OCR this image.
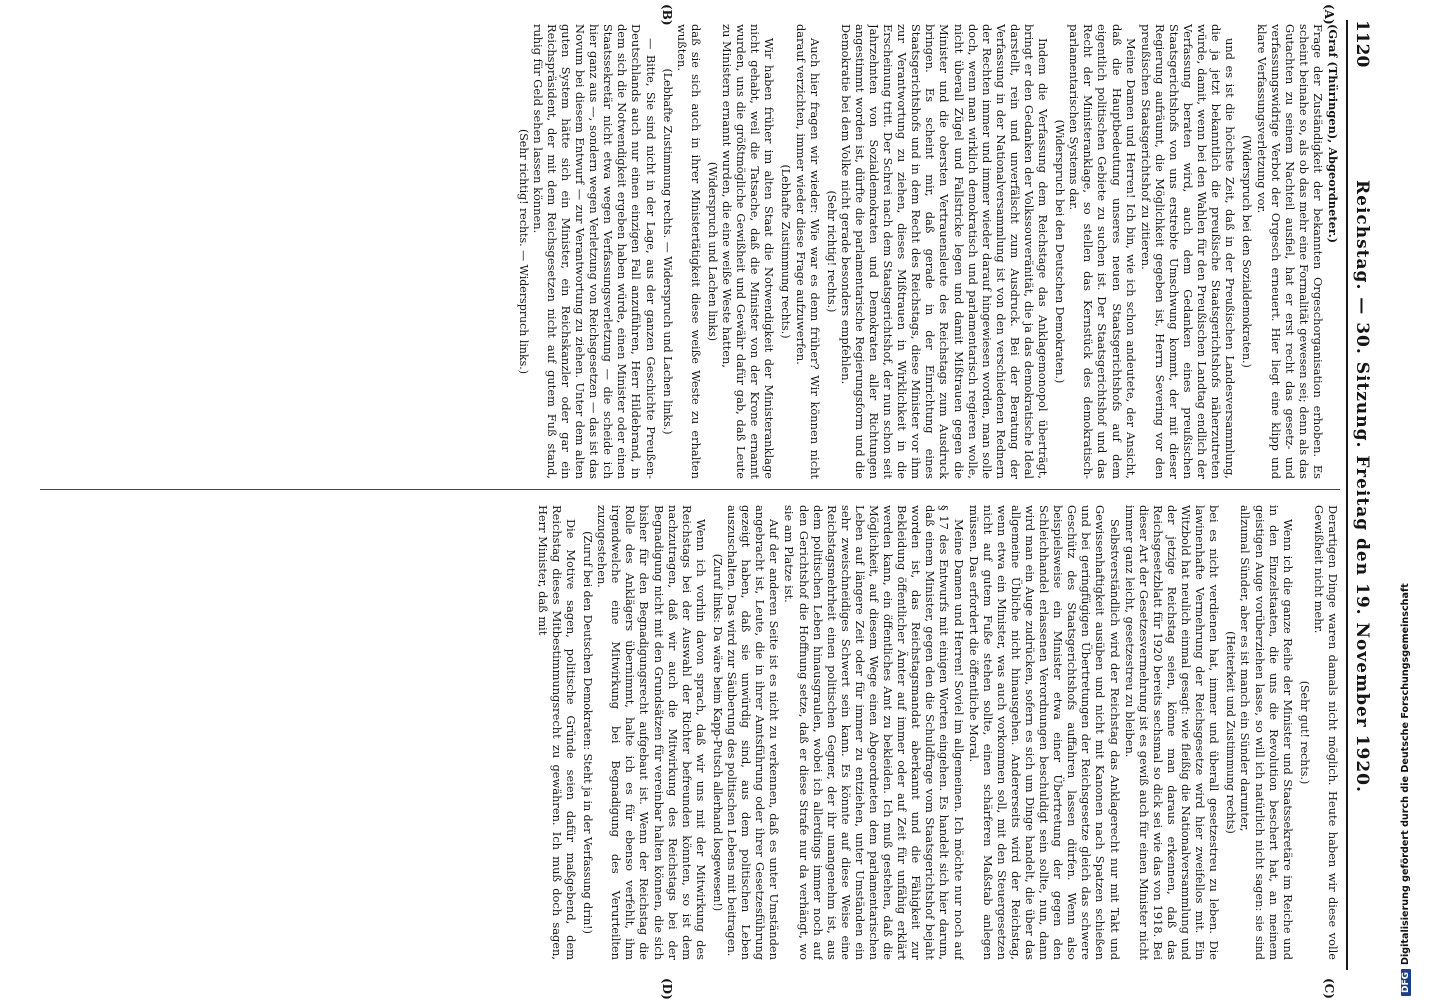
1120
Reichstag. — 30. Sitzung. Freitag den 19. November 1920.
(A)
(B)
(C)
(D)

(Graf (Thüringen), Abgeordneter.)

Frage der Zuständigkeit der bekannten Orgeschorganisation erhoben. Es scheint beinahe so, als ob das mehr eine Formalität gewesen sei; denn als das Gutachten zu seinem Nachteil ausfiel, hat er erst recht das gesetz- und verfassungswidrige Verbot der Orgesch erneuert. Hier liegt eine klipp und klare Verfassungsverletzung vor.

(Widerspruch bei den Sozialdemokraten.)

und es ist die höchste Zeit, daß in der Preußischen Landesversammlung, die ja jetzt bekanntlich die preußische Staatsgerichtshofs näherzutreten würde, damit, wenn bei den Wahlen für den Preußischen Landtag endlich der Verfassung beraten wird, auch dem Gedanken eines preußischen Staatsgerichtshofs von uns erstrebte Umschwung kommt, der mit dieser Regierung aufräumt, die Möglichkeit gegeben ist, Herrn Severing vor den preußischen Staatsgerichtshof zu zitieren.

Meine Damen und Herren! Ich bin, wie ich schon andeutete, der Ansicht, daß die Hauptbedeutung unseres neuen Staatsgerichtshofs auf dem eigentlich politischen Gebiete zu suchen ist. Der Staatsgerichtshof und das Recht der Ministeranklage, so stellen das Kernstück des demokratisch-parlamentarischen Systems dar.

(Widerspruch bei den Deutschen Demokraten.)

Indem die Verfassung dem Reichstage das Anklagemonopol überträgt, bringt er den Gedanken der Volkssouveränität, die ja das demokratische Ideal darstellt, rein und unverfälscht zum Ausdruck. Bei der Beratung der Verfassung in der Nationalversammlung ist von den verschiedenen Rednern der Rechten immer und immer wieder darauf hingewiesen worden, man solle doch, wenn man wirklich demokratisch und parlamentarisch regieren wolle, nicht überall Zügel und Fallstricke legen und damit Mißtrauen gegen die Minister und die obersten Vertrauensleute des Reichstags zum Ausdruck bringen. Es scheint mir, daß gerade in der Einrichtung eines Staatsgerichtshofs und in dem Recht des Reichstags, diese Minister vor ihm zur Verantwortung zu ziehen, dieses Mißtrauen in Wirklichkeit in die Erscheinung tritt. Der Schrei nach dem Staatsgerichtshof, der nun schon seit Jahrzehnten von Sozialdemokraten und Demokraten aller Richtungen angestimmt worden ist, dürfte die parlamentarische Regierungsform und die Demokratie bei dem Volke nicht gerade besonders empfehlen.

(Sehr richtig! rechts.)

Auch hier fragen wir wieder: Wie war es denn früher? Wir können nicht darauf verzichten, immer wieder diese Frage aufzuwerfen.

(Lebhafte Zustimmung rechts.)

Wir haben früher im alten Staat die Notwendigkeit der Ministeranklage nicht gehabt, weil die Tatsache, daß die Minister von der Krone ernannt wurden, uns die größtmögliche Gewißheit und Gewähr dafür gab, daß Leute zu Ministern ernannt wurden, die eine weiße Weste hatten,

(Widerspruch und Lachen links)

daß sie sich auch in ihrer Ministertätigkeit diese weiße Weste zu erhalten wußten.

(Lebhafte Zustimmung rechts. — Widerspruch und Lachen links.)

— Bitte, Sie sind nicht in der Lage, aus der ganzen Geschichte Preußen-Deutschlands auch nur einen einzigen Fall anzuführen, Herr Hildebrand, in dem sich die Notwendigkeit ergeben haben würde, einen Minister oder einen Staatssekretär nicht etwa wegen Verfassungsverletzung — die scheide ich hier ganz aus —, sondern wegen Verletzung von Reichsgesetzen — das ist das Novum bei diesem Entwurf — zur Verantwortung zu ziehen. Unter dem alten guten System hätte sich ein Minister, ein Reichskanzler oder gar ein Reichspräsident, der mit dem Reichsgesetzen nicht auf gutem Fuß stand, ruhig für Geld sehen lassen können.

(Sehr richtig! rechts. — Widerspruch links.)

Derartigen Dinge waren damals nicht möglich. Heute haben wir diese volle Gewißheit nicht mehr.

(Sehr gut! rechts.)

Wenn ich die ganze Reihe der Minister und Staatssekretäre im Reiche und in den Einzelstaaten, die uns die Revolution beschert hat, an meinem geistigen Auge vorüberziehen lasse, so will ich natürlich nicht sagen: sie sind allzumal Sünder, aber es ist manch ein Sünder darunter,

(Heiterkeit und Zustimmung rechts)

bei es nicht verdienen hat, immer und überall gesetzestreu zu leben. Die lawinenhafte Vermehrung der Reichsgesetze wird hier zweifellos mit. Ein Witzbold hat neulich einmal gesagt: wie fleißig die Nationalversammlung und der jetzige Reichstag seien, könne man daraus erkennen, daß das Reichsgesetzblatt für 1920 bereits sechsmal so dick sei wie das von 1918. Bei dieser Art der Gesetzesvermehrung ist es gewiß auch für einen Minister nicht immer ganz leicht, gesetzestreu zu bleiben.

Selbstverständlich wird der Reichstag das Anklagerecht nur mit Takt und Gewissenhaftigkeit ausüben und nicht mit Kanonen nach Spatzen schießen und bei geringfügigen Übertretungen der Reichsgesetze gleich das schwere Geschütz des Staatsgerichtshofs auffahren lassen dürfen. Wenn also beispielsweise ein Minister etwa einer Übertretung der gegen den Schleichhandel erlassenen Verordnungen beschuldigt sein sollte, nun, dann wird man ein Auge zudrücken, sofern es sich um Dinge handelt, die über das allgemeine Übliche nicht hinausgehen. Andererseits wird der Reichstag, wenn etwa ein Minister, was auch vorkommen soll, mit den Steuergesetzen nicht auf gutem Fuße stehen sollte, einen schärferen Maßstab anlegen müssen. Das erfordert die öffentliche Moral.

Meine Damen und Herren! Soviel im allgemeinen. Ich möchte nur noch auf § 17 des Entwurfs mit einigen Worten eingehen. Es handelt sich hier darum, daß einem Minister, gegen den die Schuldfrage vom Staatsgerichtshof bejaht worden ist, das Reichstagsmandat aberkannt und die Fähigkeit zur Bekleidung öffentlicher Ämter auf immer oder auf Zeit für unfähig erklärt werden kann, ein öffentliches Amt zu bekleiden. Ich muß gestehen, daß die Möglichkeit, auf diesem Wege einen Abgeordneten dem parlamentarischen Leben auf längere Zeit oder für immer zu entziehen, unter Umständen ein sehr zweischneidiges Schwert sein kann. Es könnte auf diese Weise eine Reichstagsmehrheit einen politischen Gegner, der ihr unangenehm ist, aus dem politischen Leben hinausgraulen, wobei ich allerdings immer noch auf den Gerichtshof die Hoffnung setze, daß er diese Strafe nur da verhängt, wo sie am Platze ist.

Auf der anderen Seite ist es nicht zu verkennen, daß es unter Umständen angebracht ist, Leute, die in ihrer Amtsführung oder ihrer Gesetzesführung gezeigt haben, daß sie unwürdig sind, aus dem politischen Leben auszuschalten. Das wird zur Säuberung des politischen Lebens mit beitragen.

(Zuruf links: Da wäre beim Kapp-Putsch allerhand losgewesen!)

Wenn ich vorhin davon sprach, daß wir uns mit der Mitwirkung des Reichstags bei der Auswahl der Richter befreunden könnten, so ist dem nachzutragen, daß wir auch die Mitwirkung des Reichstags bei der Begnadigung nicht mit den Grundsätzen für vereinbar halten können, die sich bisher für den Begnadigungsrecht aufgebaut ist. Wenn der Reichstag die Rolle des Anklägers übernimmt, halte ich es für ebenso verfehlt, ihm irgendwelche eine Mitwirkung bei Begnadigung des Verurteilten zuzugestehen.

(Zuruf bei den Deutschen Demokraten: Steht ja in der Verfassung drin!)

Die Motive sagen, politische Gründe seien dafür maßgebend, dem Reichstag dieses Mitbestimmungsrecht zu gewähren. Ich muß doch sagen, Herr Minister, daß mit

DFGDigitalisierung gefördert durch die Deutsche Forschungsgemeinschaft
